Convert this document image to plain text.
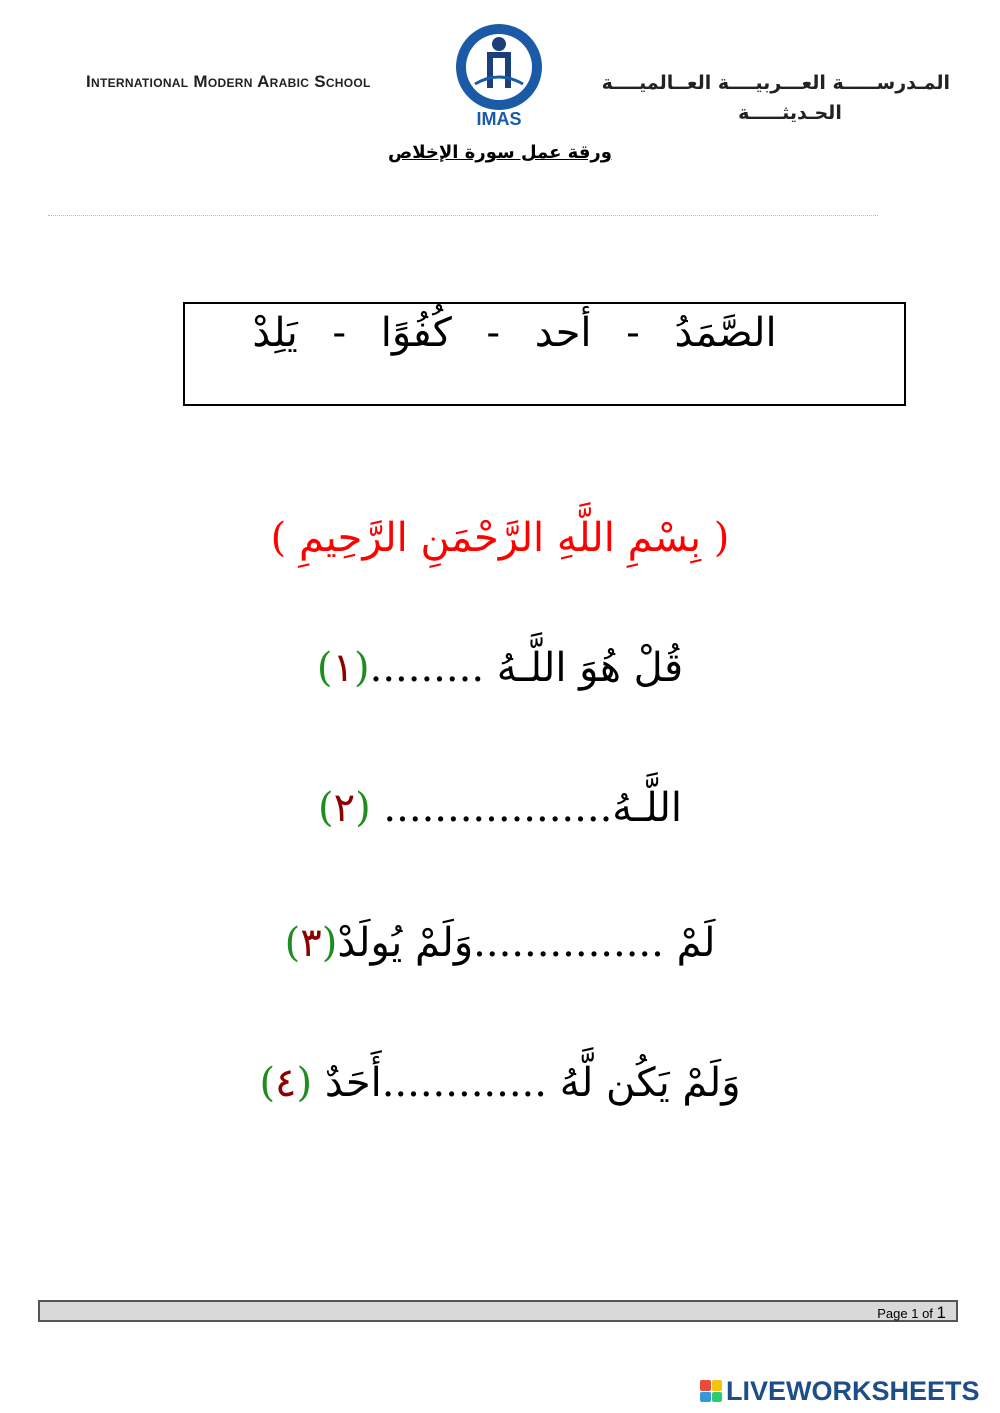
International Modern Arabic School
IMAS
المـدرســـــة العـــربيــــة العــالميــــة
الحـديثـــــة
ورقة عمل سورة الإخلاص
الصَّمَدُ - أحد - كُفُوًا - يَلِدْ
( بِسْمِ اللَّهِ الرَّحْمَنِ الرَّحِيمِ )
قُلْ هُوَ اللَّـهُ .........(١)
اللَّـهُ.................. (٢)
لَمْ ...............وَلَمْ يُولَدْ(٣)
وَلَمْ يَكُن لَّهُ .............أَحَدٌ (٤)
Page 1 of 1
LIVEWORKSHEETS
